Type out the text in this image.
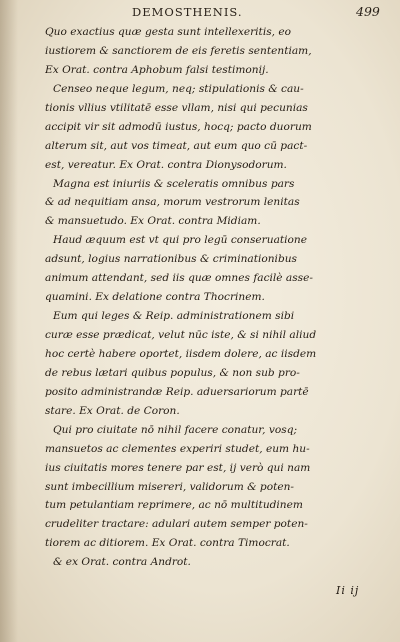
DEMOSTHENIS.	499
Quo exactius quæ gesta sunt intellexeritis, eo
iustiorem & sanctiorem de eis feretis sententiam,
Ex Orat. contra Aphobum falsi testimonij.
Censeo neque legum, neq; stipulationis & cau-
tionis vllius vtilitatē esse vllam, nisi qui pecunias
accipit vir sit admodū iustus, hocq; pacto duorum
alterum sit, aut vos timeat, aut eum quo cū pact-
est, vereatur. Ex Orat. contra Dionysodorum.
Magna est iniuriis & sceleratis omnibus pars
& ad nequitiam ansa, morum vestrorum lenitas
& mansuetudo. Ex Orat. contra Midiam.
Haud æquum est vt qui pro legū conseruatione
adsunt, logius narrationibus & criminationibus
animum attendant, sed iis quæ omnes facilè asse-
quamini. Ex delatione contra Thocrinem.
Eum qui leges & Reip. administrationem sibi
curæ esse prædicat, velut nūc iste, & si nihil aliud
hoc certè habere oportet, iisdem dolere, ac iisdem
de rebus lætari quibus populus, & non sub pro-
posito administrandæ Reip. aduersariorum partē
stare. Ex Orat. de Coron.
Qui pro ciuitate nō nihil facere conatur, vosq;
mansuetos ac clementes experiri studet, eum hu-
ius ciuitatis mores tenere par est, ij verò qui nam
sunt imbecillium misereri, validorum & poten-
tum petulantiam reprimere, ac nō multitudinem
crudeliter tractare: adulari autem semper poten-
tiorem ac ditiorem. Ex Orat. contra Timocrat.
& ex Orat. contra Androt.
Ii ij
